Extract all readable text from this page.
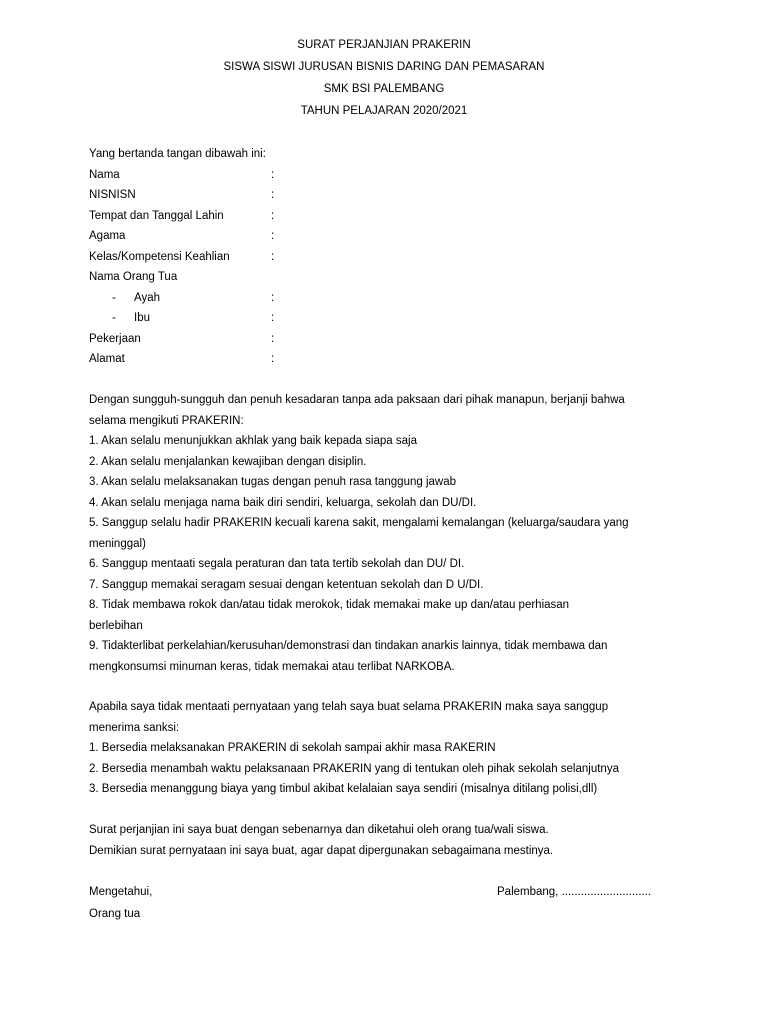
SURAT PERJANJIAN PRAKERIN
SISWA SISWI JURUSAN BISNIS DARING DAN PEMASARAN
SMK BSI PALEMBANG
TAHUN PELAJARAN 2020/2021
Yang bertanda tangan dibawah ini:
Nama	:
NISNISN	:
Tempat dan Tanggal Lahin	:
Agama	:
Kelas/Kompetensi Keahlian	:
Nama Orang Tua
- Ayah	:
- Ibu	:
Pekerjaan	:
Alamat	:
Dengan sungguh-sungguh dan penuh kesadaran tanpa ada paksaan dari pihak manapun, berjanji bahwa
selama mengikuti PRAKERIN:
1. Akan selalu menunjukkan akhlak yang baik kepada siapa saja
2. Akan selalu menjalankan kewajiban dengan disiplin.
3. Akan selalu melaksanakan tugas dengan penuh rasa tanggung jawab
4. Akan selalu menjaga nama baik diri sendiri, keluarga, sekolah dan DU/DI.
5. Sanggup selalu hadir PRAKERIN kecuali karena sakit, mengalami kemalangan (keluarga/saudara yang
meninggal)
6. Sanggup mentaati segala peraturan dan tata tertib sekolah dan DU/ DI.
7. Sanggup memakai seragam sesuai dengan ketentuan sekolah dan D U/DI.
8. Tidak membawa rokok dan/atau tidak merokok, tidak memakai make up dan/atau perhiasan
berlebihan
9. Tidakterlibat perkelahian/kerusuhan/demonstrasi dan tindakan anarkis lainnya, tidak membawa dan
mengkonsumsi minuman keras, tidak memakai atau terlibat NARKOBA.
Apabila saya tidak mentaati pernyataan yang telah saya buat selama PRAKERIN maka saya sanggup
menerima sanksi:
1. Bersedia melaksanakan PRAKERIN di sekolah sampai akhir masa RAKERIN
2. Bersedia menambah waktu pelaksanaan PRAKERIN yang di tentukan oleh pihak sekolah selanjutnya
3. Bersedia menanggung biaya yang timbul akibat kelalaian saya sendiri (misalnya ditilang polisi,dll)
Surat perjanjian ini saya buat dengan sebenarnya dan diketahui oleh orang tua/wali siswa.
Demikian surat pernyataan ini saya buat, agar dapat dipergunakan sebagaimana mestinya.
Mengetahui,
Orang tua
Palembang, ............................
